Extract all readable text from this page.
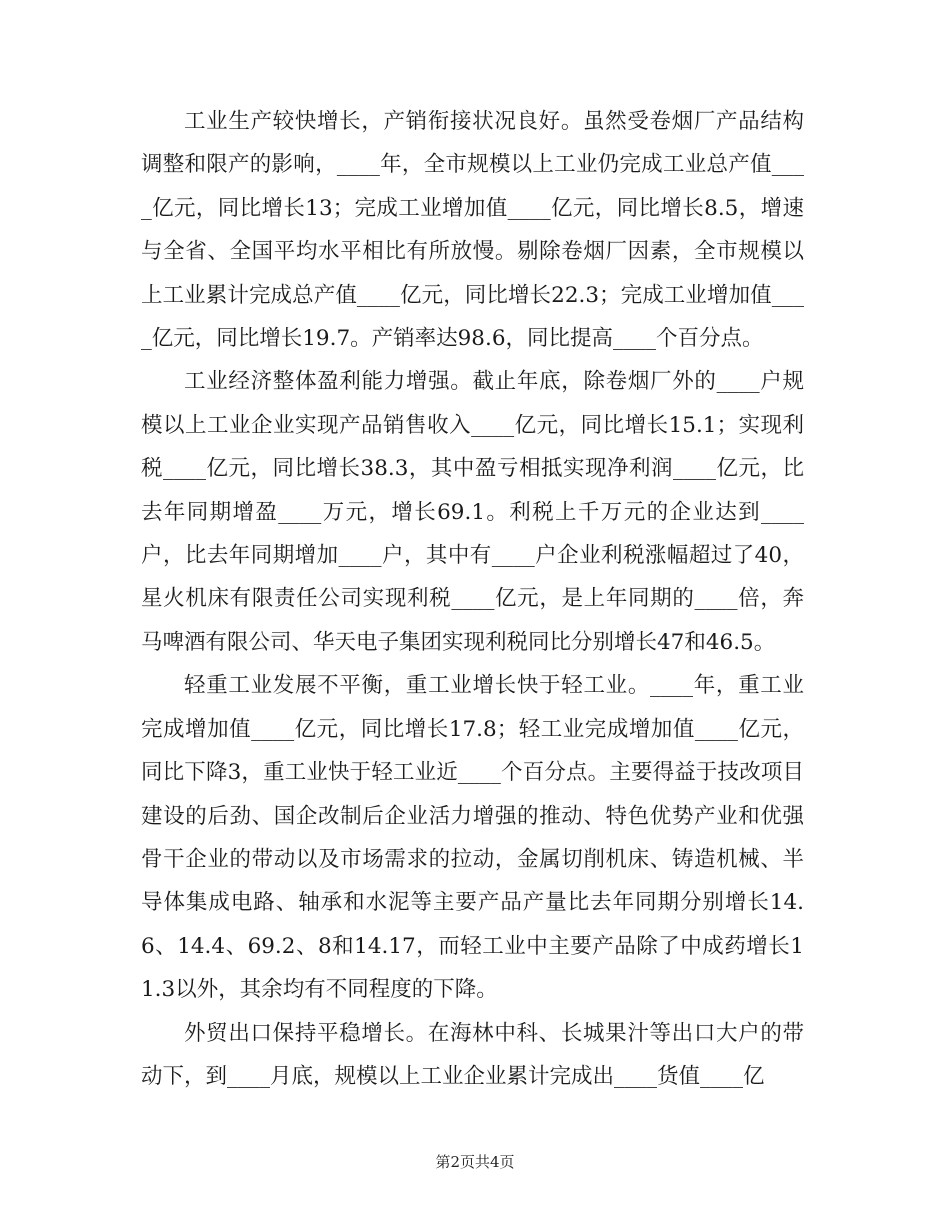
工业生产较快增长，产销衔接状况良好。虽然受卷烟厂产品结构调整和限产的影响，____年，全市规模以上工业仍完成工业总产值____亿元，同比增长13；完成工业增加值____亿元，同比增长8.5，增速与全省、全国平均水平相比有所放慢。剔除卷烟厂因素，全市规模以上工业累计完成总产值____亿元，同比增长22.3；完成工业增加值____亿元，同比增长19.7。产销率达98.6，同比提高____个百分点。

工业经济整体盈利能力增强。截止年底，除卷烟厂外的____户规模以上工业企业实现产品销售收入____亿元，同比增长15.1；实现利税____亿元，同比增长38.3，其中盈亏相抵实现净利润____亿元，比去年同期增盈____万元，增长69.1。利税上千万元的企业达到____户，比去年同期增加____户，其中有____户企业利税涨幅超过了40，星火机床有限责任公司实现利税____亿元，是上年同期的____倍，奔马啤酒有限公司、华天电子集团实现利税同比分别增长47和46.5。

轻重工业发展不平衡，重工业增长快于轻工业。____年，重工业完成增加值____亿元，同比增长17.8；轻工业完成增加值____亿元，同比下降3，重工业快于轻工业近____个百分点。主要得益于技改项目建设的后劲、国企改制后企业活力增强的推动、特色优势产业和优强骨干企业的带动以及市场需求的拉动，金属切削机床、铸造机械、半导体集成电路、轴承和水泥等主要产品产量比去年同期分别增长14.6、14.4、69.2、8和14.17，而轻工业中主要产品除了中成药增长11.3以外，其余均有不同程度的下降。

外贸出口保持平稳增长。在海林中科、长城果汁等出口大户的带动下，到____月底，规模以上工业企业累计完成出____货值____亿

第2页共4页
